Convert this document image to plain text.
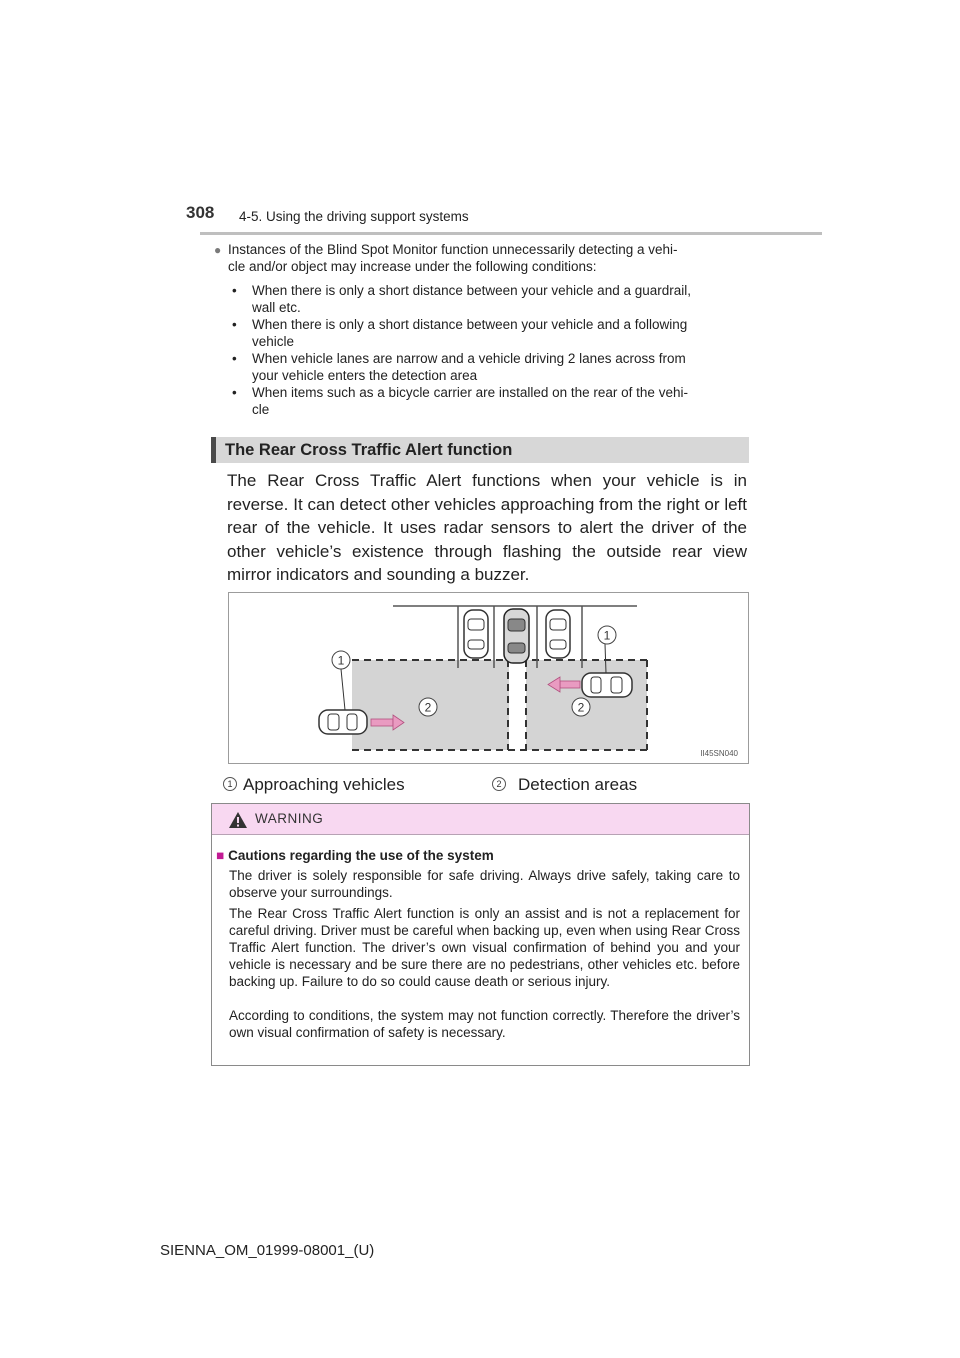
308 4-5. Using the driving support systems
● Instances of the Blind Spot Monitor function unnecessarily detecting a vehi-
cle and/or object may increase under the following conditions:
• When there is only a short distance between your vehicle and a guardrail,
wall etc.
• When there is only a short distance between your vehicle and a following
vehicle
• When vehicle lanes are narrow and a vehicle driving 2 lanes across from
your vehicle enters the detection area
• When items such as a bicycle carrier are installed on the rear of the vehi-
cle
The Rear Cross Traffic Alert function
The Rear Cross Traffic Alert functions when your vehicle is in reverse. It can detect other vehicles approaching from the right or left rear of the vehicle. It uses radar sensors to alert the driver of the other vehicle’s existence through flashing the outside rear view mirror indicators and sounding a buzzer.
1
1
2	2
II45SN040
1 Approaching vehicles	2 Detection areas
WARNING
■ Cautions regarding the use of the system
The driver is solely responsible for safe driving. Always drive safely, taking care to observe your surroundings.
The Rear Cross Traffic Alert function is only an assist and is not a replacement for careful driving. Driver must be careful when backing up, even when using Rear Cross Traffic Alert function. The driver’s own visual confirmation of behind you and your vehicle is necessary and be sure there are no pedestrians, other vehicles etc. before backing up. Failure to do so could cause death or serious injury.
According to conditions, the system may not function correctly. Therefore the driver’s own visual confirmation of safety is necessary.
SIENNA_OM_01999-08001_(U)
